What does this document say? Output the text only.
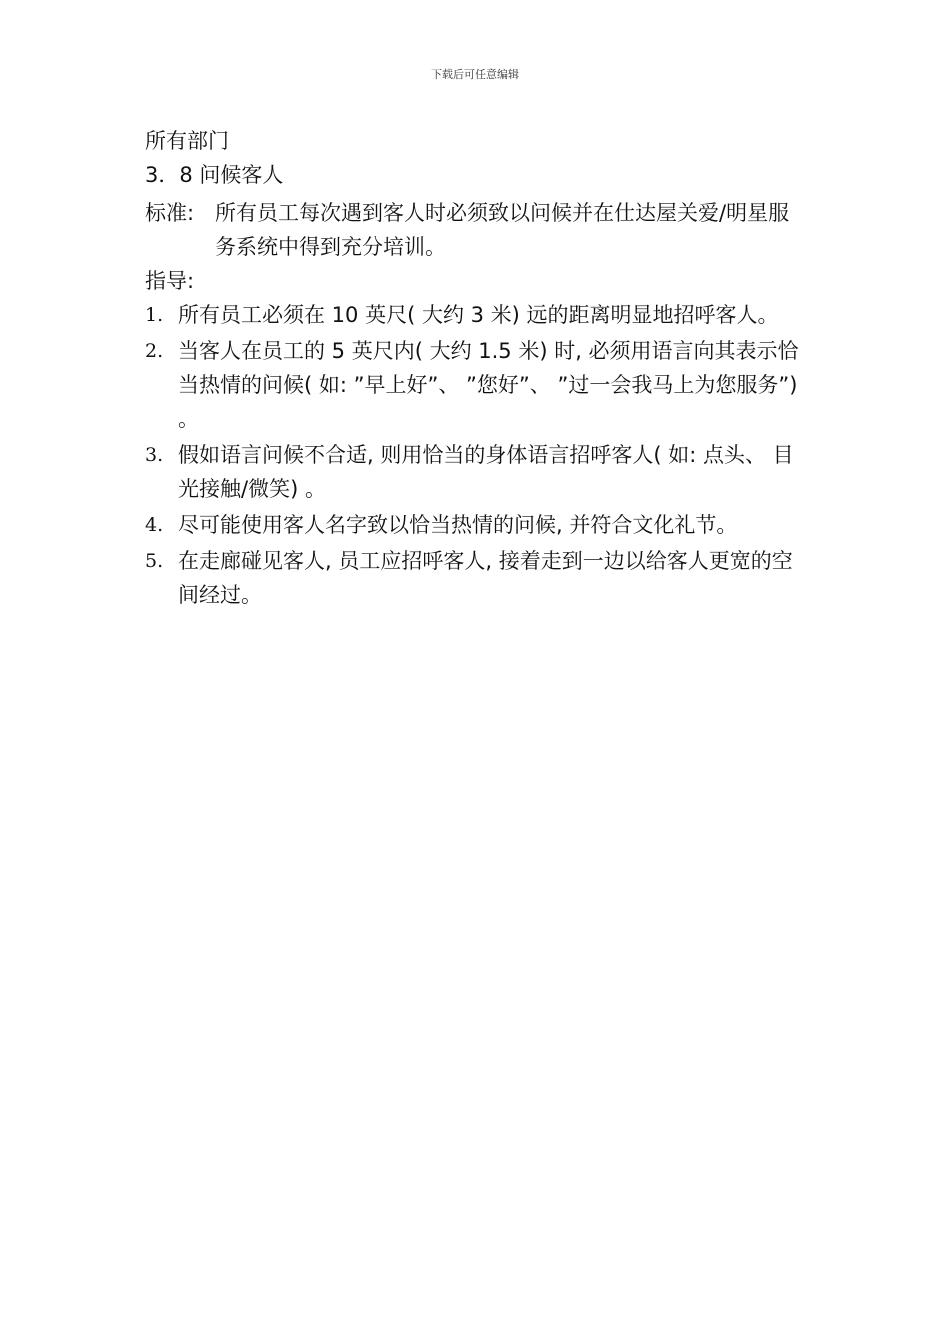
下载后可任意编辑
所有部门
3．8 问候客人
标准: 所有员工每次遇到客人时必须致以问候并在仕达屋关爱/明星服务系统中得到充分培训。
指导:
1. 所有员工必须在 10 英尺( 大约 3 米) 远的距离明显地招呼客人。
2. 当客人在员工的 5 英尺内( 大约 1.5 米) 时, 必须用语言向其表示恰当热情的问候( 如: ”早上好”、 ”您好”、 ”过一会我马上为您服务”) 。
3. 假如语言问候不合适, 则用恰当的身体语言招呼客人( 如: 点头、 目光接触/微笑) 。
4. 尽可能使用客人名字致以恰当热情的问候, 并符合文化礼节。
5. 在走廊碰见客人, 员工应招呼客人, 接着走到一边以给客人更宽的空间经过。
